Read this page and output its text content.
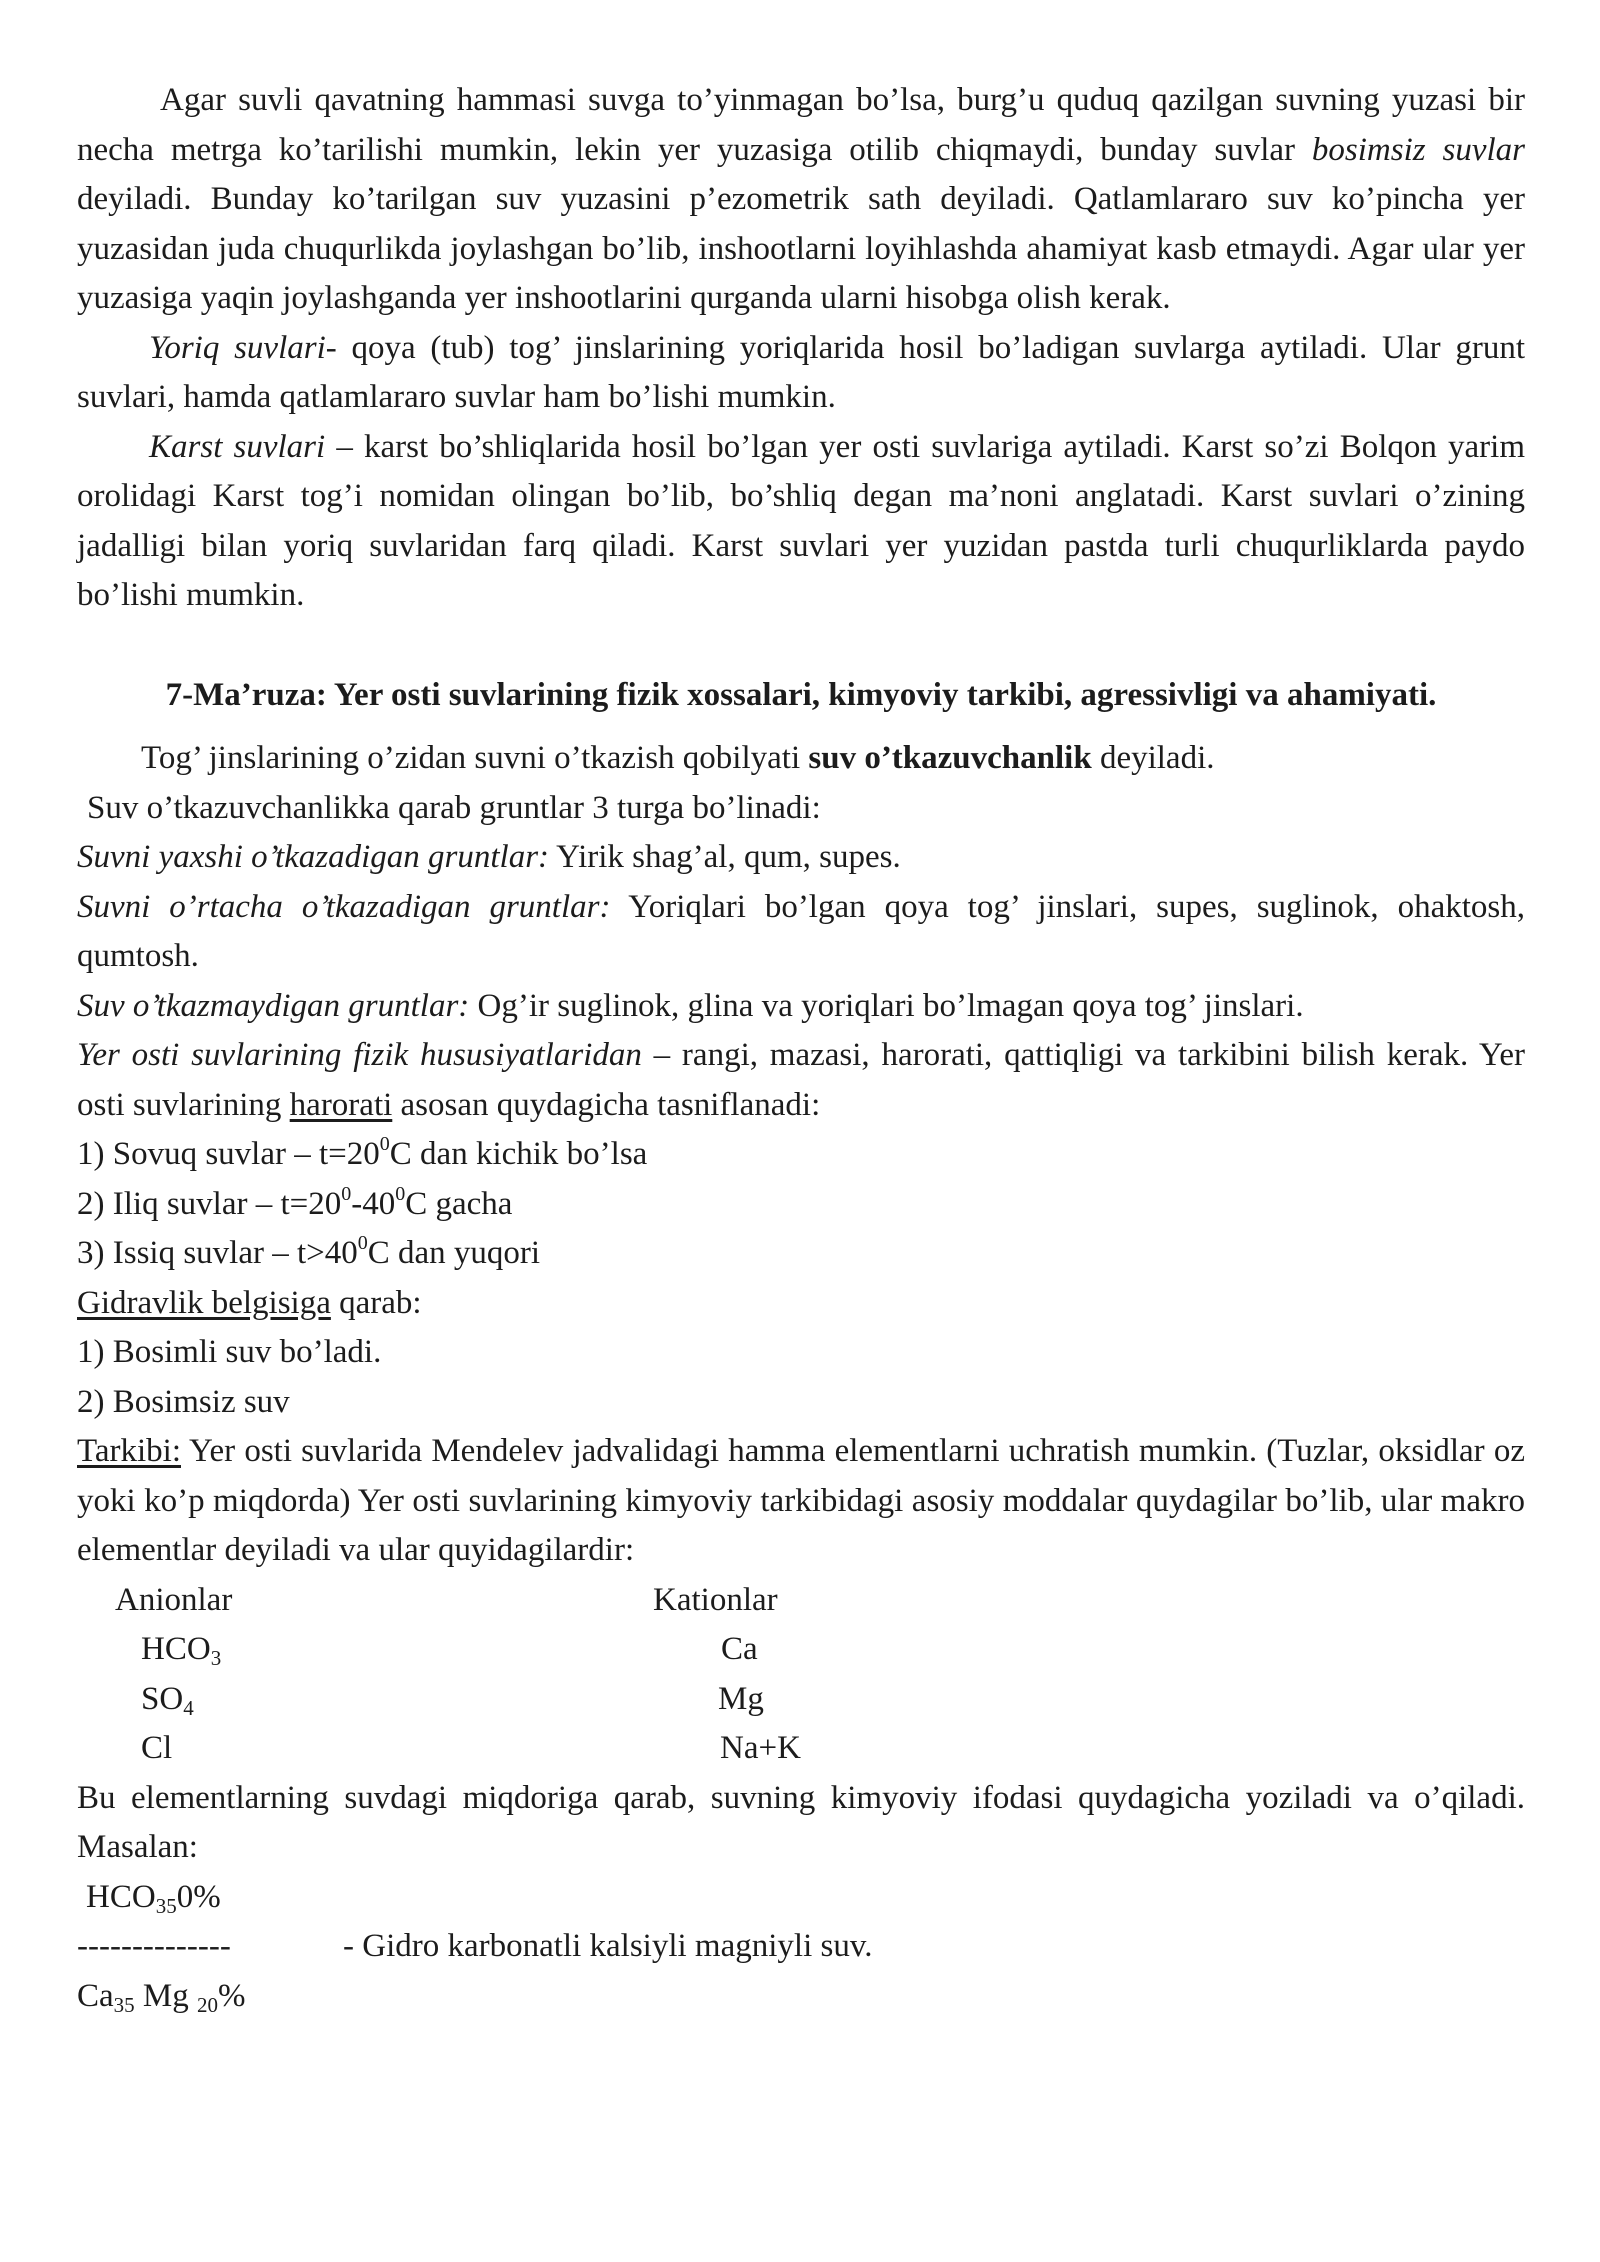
Agar suvli qavatning hammasi suvga to’yinmagan bo’lsa, burg’u quduq qazilgan suvning yuzasi bir necha metrga ko’tarilishi mumkin, lekin yer yuzasiga otilib chiqmaydi, bunday suvlar bosimsiz suvlar deyiladi. Bunday ko’tarilgan suv yuzasini p’ezometrik sath deyiladi. Qatlamlararo suv ko’pincha yer yuzasidan juda chuqurlikda joylashgan bo’lib, inshootlarni loyihlashda ahamiyat kasb etmaydi. Agar ular yer yuzasiga yaqin joylashganda yer inshootlarini qurganda ularni hisobga olish kerak.

Yoriq suvlari- qoya (tub) tog’ jinslarining yoriqlarida hosil bo’ladigan suvlarga aytiladi. Ular grunt suvlari, hamda qatlamlararo suvlar ham bo’lishi mumkin.

Karst suvlari – karst bo’shliqlarida hosil bo’lgan yer osti suvlariga aytiladi. Karst so’zi Bolqon yarim orolidagi Karst tog’i nomidan olingan bo’lib, bo’shliq degan ma’noni anglatadi. Karst suvlari o’zining jadalligi bilan yoriq suvlaridan farq qiladi. Karst suvlari yer yuzidan pastda turli chuqurliklarda paydo bo’lishi mumkin.

7-Ma’ruza: Yer osti suvlarining fizik xossalari, kimyoviy tarkibi, agressivligi va ahamiyati.

Tog’ jinslarining o’zidan suvni o’tkazish qobilyati suv o’tkazuvchanlik deyiladi.

Suv o’tkazuvchanlikka qarab gruntlar 3 turga bo’linadi:

Suvni yaxshi o’tkazadigan gruntlar: Yirik shag’al, qum, supes.

Suvni o’rtacha o’tkazadigan gruntlar: Yoriqlari bo’lgan qoya tog’ jinslari, supes, suglinok, ohaktosh, qumtosh.

Suv o’tkazmaydigan gruntlar: Og’ir suglinok, glina va yoriqlari bo’lmagan qoya tog’ jinslari.

Yer osti suvlarining fizik hususiyatlaridan – rangi, mazasi, harorati, qattiqligi va tarkibini bilish kerak. Yer osti suvlarining harorati asosan quydagicha tasniflanadi:

1) Sovuq suvlar – $t=20^0C$ dan kichik bo’lsa

2) Iliq suvlar – $t=20^0-40^0C$ gacha

3) Issiq suvlar – $t>40^0C$ dan yuqori

Gidravlik belgisiga qarab:

1) Bosimli suv bo’ladi.

2) Bosimsiz suv

Tarkibi: Yer osti suvlarida Mendelev jadvalidagi hamma elementlarni uchratish mumkin. (Tuzlar, oksidlar oz yoki ko’p miqdorda) Yer osti suvlarining kimyoviy tarkibidagi asosiy moddalar quydagilar bo’lib, ular makro elementlar deyiladi va ular quyidagilardir:

Anionlar	Kationlar
$HCO_3$	Ca
$SO_4$	Mg
Cl	Na+K

Bu elementlarning suvdagi miqdoriga qarab, suvning kimyoviy ifodasi quydagicha yoziladi va o’qiladi. Masalan:

$HCO_{35}0\%$
--------------	- Gidro karbonatli kalsiyli magniyli suv.
$Ca_{35}$ Mg $_{20}$%
